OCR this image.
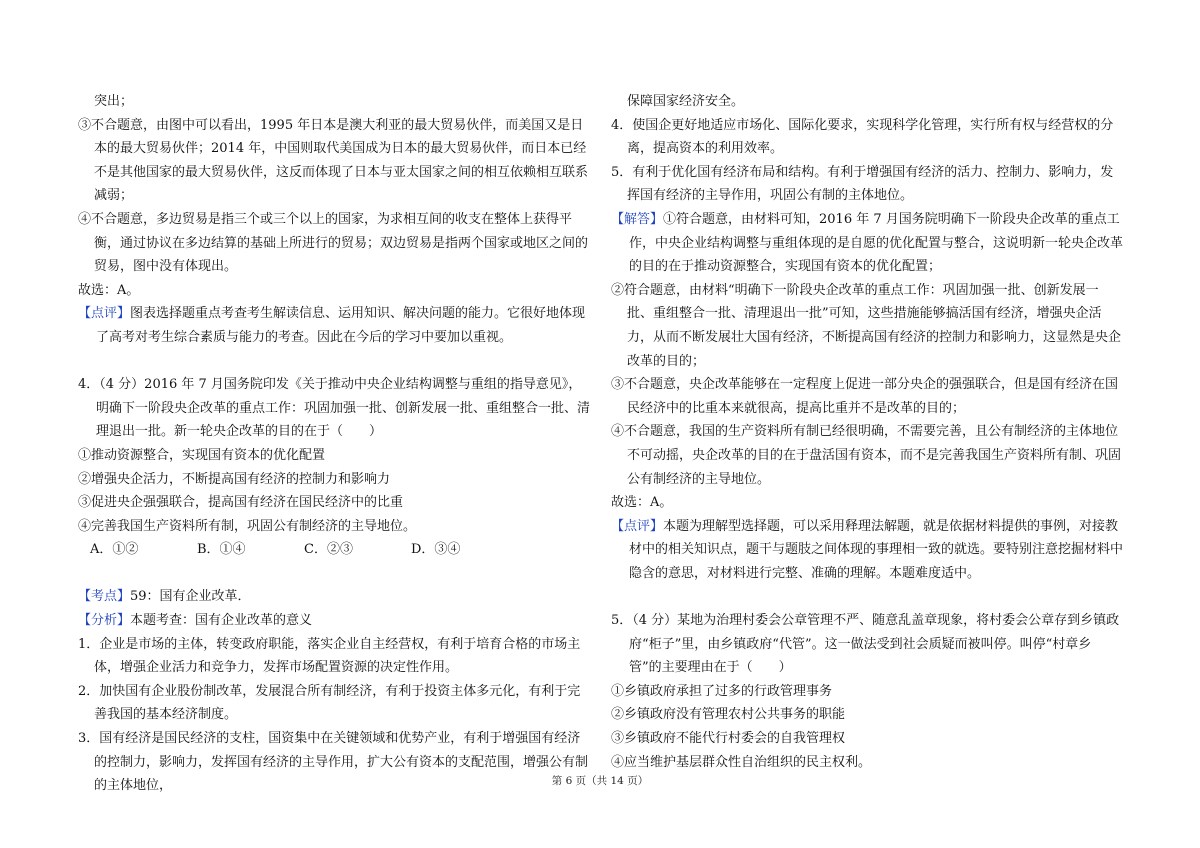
突出；

③不合题意，由图中可以看出，1995 年日本是澳大利亚的最大贸易伙伴，而美国又是日本的最大贸易伙伴；2014 年，中国则取代美国成为日本的最大贸易伙伴，而日本已经不是其他国家的最大贸易伙伴，这反而体现了日本与亚太国家之间的相互依赖相互联系减弱；

④不合题意，多边贸易是指三个或三个以上的国家，为求相互间的收支在整体上获得平衡，通过协议在多边结算的基础上所进行的贸易；双边贸易是指两个国家或地区之间的贸易，图中没有体现出。

故选：A。

【点评】图表选择题重点考查考生解读信息、运用知识、解决问题的能力。它很好地体现了高考对考生综合素质与能力的考查。因此在今后的学习中要加以重视。

4．（4 分）2016 年 7 月国务院印发《关于推动中央企业结构调整与重组的指导意见》，明确下一阶段央企改革的重点工作：巩固加强一批、创新发展一批、重组整合一批、清理退出一批。新一轮央企改革的目的在于（　　）

①推动资源整合，实现国有资本的优化配置

②增强央企活力，不断提高国有经济的控制力和影响力

③促进央企强强联合，提高国有经济在国民经济中的比重

④完善我国生产资料所有制，巩固公有制经济的主导地位。

A．①②	B．①④	C．②③	D．③④

【考点】59：国有企业改革．

【分析】本题考查：国有企业改革的意义

1．企业是市场的主体，转变政府职能，落实企业自主经营权，有利于培育合格的市场主体，增强企业活力和竞争力，发挥市场配置资源的决定性作用。

2．加快国有企业股份制改革，发展混合所有制经济，有利于投资主体多元化，有利于完善我国的基本经济制度。

3．国有经济是国民经济的支柱，国资集中在关键领域和优势产业，有利于增强国有经济的控制力，影响力，发挥国有经济的主导作用，扩大公有资本的支配范围，增强公有制的主体地位，

保障国家经济安全。

4．使国企更好地适应市场化、国际化要求，实现科学化管理，实行所有权与经营权的分离，提高资本的利用效率。

5．有利于优化国有经济布局和结构。有利于增强国有经济的活力、控制力、影响力，发挥国有经济的主导作用，巩固公有制的主体地位。

【解答】①符合题意，由材料可知，2016 年 7 月国务院明确下一阶段央企改革的重点工作，中央企业结构调整与重组体现的是自愿的优化配置与整合，这说明新一轮央企改革的目的在于推动资源整合，实现国有资本的优化配置；

②符合题意，由材料“明确下一阶段央企改革的重点工作：巩固加强一批、创新发展一批、重组整合一批、清理退出一批”可知，这些措施能够搞活国有经济，增强央企活力，从而不断发展壮大国有经济，不断提高国有经济的控制力和影响力，这显然是央企改革的目的；

③不合题意，央企改革能够在一定程度上促进一部分央企的强强联合，但是国有经济在国民经济中的比重本来就很高，提高比重并不是改革的目的；

④不合题意，我国的生产资料所有制已经很明确，不需要完善，且公有制经济的主体地位不可动摇，央企改革的目的在于盘活国有资本，而不是完善我国生产资料所有制、巩固公有制经济的主导地位。

故选：A。

【点评】本题为理解型选择题，可以采用释理法解题，就是依据材料提供的事例，对接教材中的相关知识点，题干与题肢之间体现的事理相一致的就选。要特别注意挖掘材料中隐含的意思，对材料进行完整、准确的理解。本题难度适中。

5．（4 分）某地为治理村委会公章管理不严、随意乱盖章现象，将村委会公章存到乡镇政府“柜子”里，由乡镇政府“代管”。这一做法受到社会质疑而被叫停。叫停“村章乡管”的主要理由在于（　　）

①乡镇政府承担了过多的行政管理事务

②乡镇政府没有管理农村公共事务的职能

③乡镇政府不能代行村委会的自我管理权

④应当维护基层群众性自治组织的民主权利。

第 6 页（共 14 页）
